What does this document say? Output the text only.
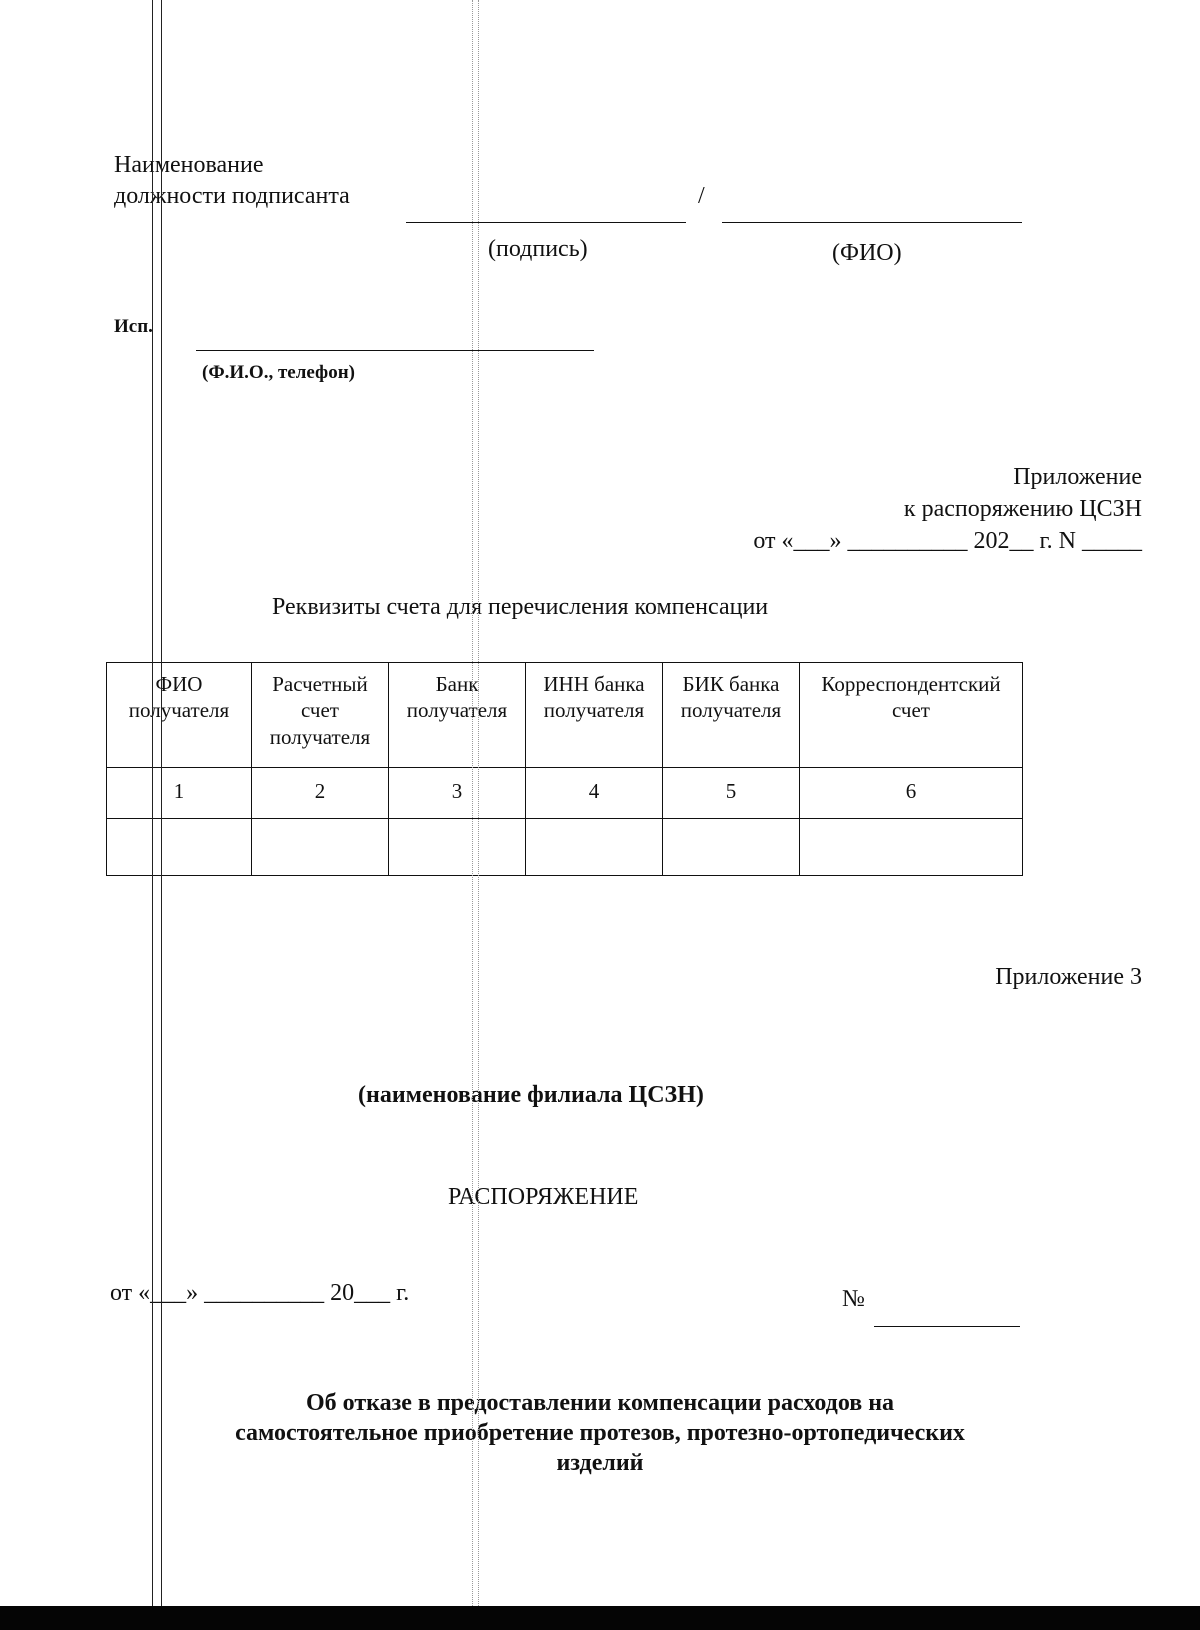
Наименование
должности подписанта	/
(подпись)	(ФИО)
Исп.
(Ф.И.О., телефон)
Приложение
к распоряжению ЦСЗН
от «___» __________ 202__ г. N _____
Реквизиты счета для перечисления компенсации
ФИО получателя	Расчетный счет получателя	Банк получателя	ИНН банка получателя	БИК банка получателя	Корреспондентский счет
1	2	3	4	5	6

Приложение 3
(наименование филиала ЦСЗН)
РАСПОРЯЖЕНИЕ
от «___» __________ 20___ г.	№
Об отказе в предоставлении компенсации расходов на
самостоятельное приобретение протезов, протезно-ортопедических
изделий
